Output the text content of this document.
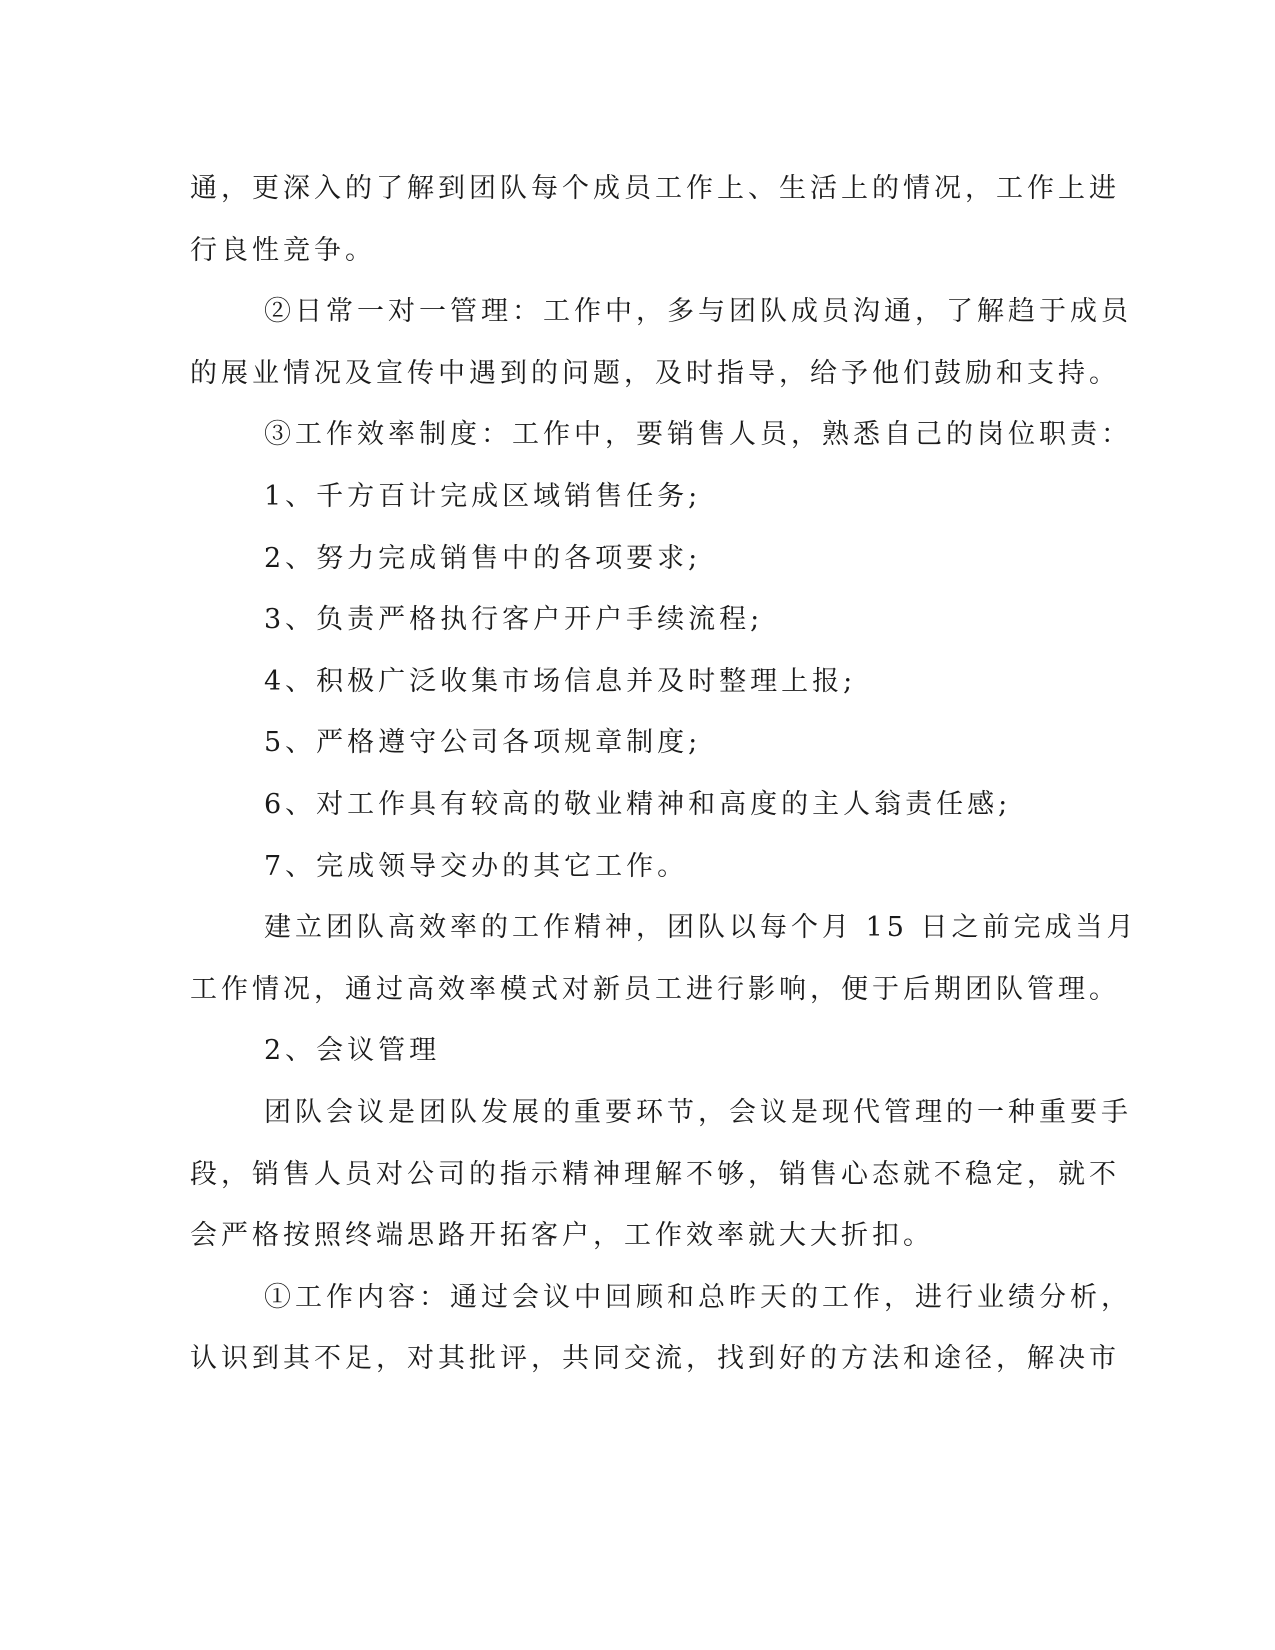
通，更深入的了解到团队每个成员工作上、生活上的情况，工作上进
行良性竞争。
②日常一对一管理：工作中，多与团队成员沟通，了解趋于成员
的展业情况及宣传中遇到的问题，及时指导，给予他们鼓励和支持。
③工作效率制度：工作中，要销售人员，熟悉自己的岗位职责：
1、千方百计完成区域销售任务;
2、努力完成销售中的各项要求;
3、负责严格执行客户开户手续流程;
4、积极广泛收集市场信息并及时整理上报;
5、严格遵守公司各项规章制度;
6、对工作具有较高的敬业精神和高度的主人翁责任感;
7、完成领导交办的其它工作。
建立团队高效率的工作精神，团队以每个月 15 日之前完成当月
工作情况，通过高效率模式对新员工进行影响，便于后期团队管理。
2、会议管理
团队会议是团队发展的重要环节，会议是现代管理的一种重要手
段，销售人员对公司的指示精神理解不够，销售心态就不稳定，就不
会严格按照终端思路开拓客户，工作效率就大大折扣。
①工作内容：通过会议中回顾和总昨天的工作，进行业绩分析，
认识到其不足，对其批评，共同交流，找到好的方法和途径，解决市
